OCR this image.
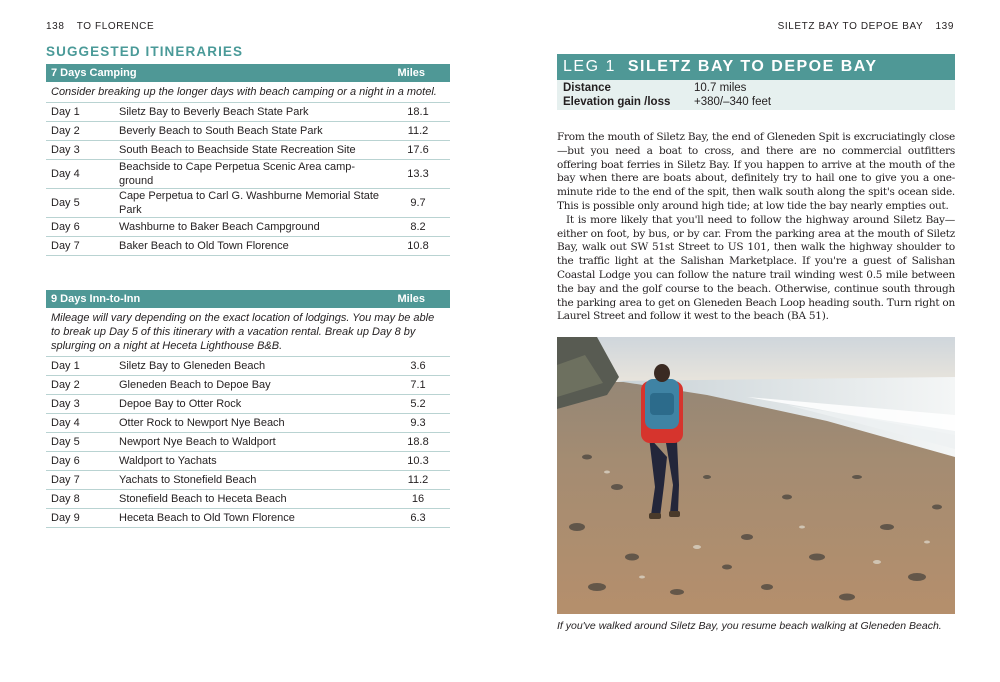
138 TO FLORENCE
SUGGESTED ITINERARIES
7 Days Camping		Miles
Consider breaking up the longer days with beach camping or a night in a motel.		
Day 1	Siletz Bay to Beverly Beach State Park	18.1
Day 2	Beverly Beach to South Beach State Park	11.2
Day 3	South Beach to Beachside State Recreation Site	17.6
Day 4	Beachside to Cape Perpetua Scenic Area camp-ground	13.3
Day 5	Cape Perpetua to Carl G. Washburne Memorial State Park	9.7
Day 6	Washburne to Baker Beach Campground	8.2
Day 7	Baker Beach to Old Town Florence	10.8
9 Days Inn-to-Inn		Miles
Mileage will vary depending on the exact location of lodgings. You may be able to break up Day 5 of this itinerary with a vacation rental. Break up Day 8 by splurging on a night at Heceta Lighthouse B&B.		
Day 1	Siletz Bay to Gleneden Beach	3.6
Day 2	Gleneden Beach to Depoe Bay	7.1
Day 3	Depoe Bay to Otter Rock	5.2
Day 4	Otter Rock to Newport Nye Beach	9.3
Day 5	Newport Nye Beach to Waldport	18.8
Day 6	Waldport to Yachats	10.3
Day 7	Yachats to Stonefield Beach	11.2
Day 8	Stonefield Beach to Heceta Beach	16
Day 9	Heceta Beach to Old Town Florence	6.3
SILETZ BAY TO DEPOE BAY 139
LEG 1 SILETZ BAY TO DEPOE BAY
Distance	10.7 miles
Elevation gain /loss	+380/–340 feet

From the mouth of Siletz Bay, the end of Gleneden Spit is excruciatingly close—but you need a boat to cross, and there are no commercial outfitters offering boat ferries in Siletz Bay. If you happen to arrive at the mouth of the bay when there are boats about, definitely try to hail one to give you a one-minute ride to the end of the spit, then walk south along the spit's ocean side. This is possible only around high tide; at low tide the bay nearly empties out.

It is more likely that you'll need to follow the highway around Siletz Bay—either on foot, by bus, or by car. From the parking area at the mouth of Siletz Bay, walk out SW 51st Street to US 101, then walk the highway shoulder to the traffic light at the Salishan Marketplace. If you're a guest of Salishan Coastal Lodge you can follow the nature trail winding west 0.5 mile between the bay and the golf course to the beach. Otherwise, continue south through the parking area to get on Gleneden Beach Loop heading south. Turn right on Laurel Street and follow it west to the beach (BA 51).

If you've walked around Siletz Bay, you resume beach walking at Gleneden Beach.
